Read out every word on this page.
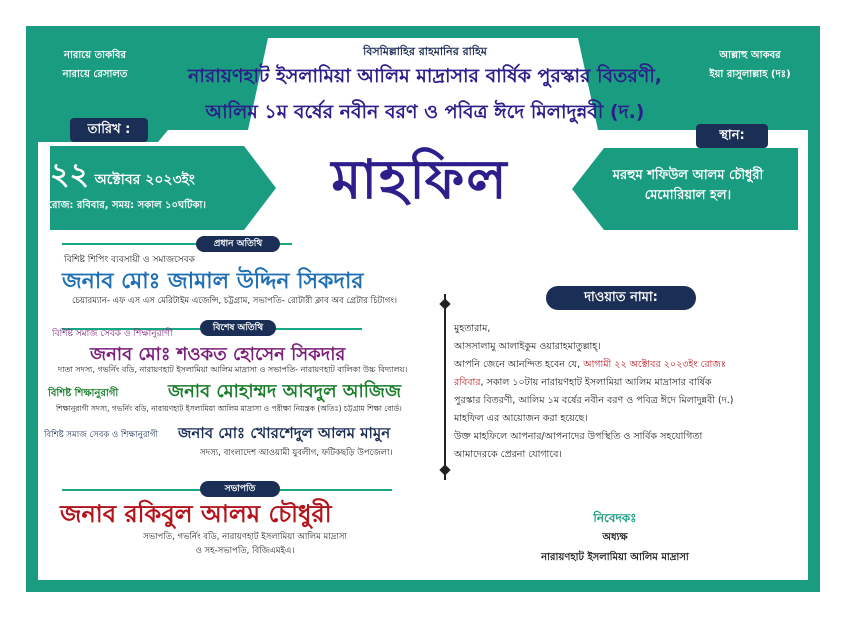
নারায়ে তাকবির
নারায়ে রেসালত
আল্লাহু আকবর
ইয়া রাসুলাল্লাহ (দঃ)
বিসমিল্লাহির রাহমানির রাহিম
নারায়ণহাট ইসলামিয়া আলিম মাদ্রাসার বার্ষিক পুরস্কার বিতরণী,
আলিম ১ম বর্ষের নবীন বরণ ও পবিত্র ঈদে মিলাদুন্নবী (দ.)
তারিখ :
২২ অক্টোবর ২০২৩ইং
রোজ: রবিবার, সময়: সকাল ১০ঘটিকা।
স্থান:
মরহুম শফিউল আলম চৌধুরী
মেমোরিয়াল হল।
মাহফিল
প্রধান অতিথি
বিশিষ্ট শিপিং ব্যবসায়ী ও সমাজসেবক
জনাব মোঃ জামাল উদ্দিন সিকদার
চেয়ারম্যান- এফ এস এস মেরিটাইম এজেন্সি, চট্টগ্রাম, সভাপতি- রোটারী ক্লাব অব গ্রেটার চিটাগং।
বিশেষ অতিথি
বিশিষ্ট সমাজ সেবক ও শিক্ষানুরাগী
জনাব মোঃ শওকত হোসেন সিকদার
দাতা সদস্য, গভর্নিং বডি, নারায়ণহাট ইসলামিয়া আলিম মাদ্রাসা ও সভাপতি- নারায়ণহাট বালিকা উচ্চ বিদ্যালয়।
বিশিষ্ট শিক্ষানুরাগী	জনাব মোহাম্মদ আবদুল আজিজ
শিক্ষানুরাগী সদস্য, গভর্নিং বডি, নারায়ণহাট ইসলামিয়া আলিম মাদ্রাসা ও পরীক্ষা নিয়ন্ত্রক (অতিঃ) চট্টগ্রাম শিক্ষা বোর্ড।
বিশিষ্ট সমাজ সেবক ও শিক্ষানুরাগী জনাব মোঃ খোরশেদুল আলম মামুন
সদস্য, বাংলাদেশ আওয়ামী যুবলীগ, ফটিকছড়ি উপজেলা।
সভাপতি
জনাব রকিবুল আলম চৌধুরী
সভাপতি, গভর্নিং বডি, নারায়ণহাট ইসলামিয়া আলিম মাদ্রাসা
ও সহ-সভাপতি, বিজিএমইএ।
দাওয়াত নামা:
মুহতারাম,
আসসালামু আলাইকুম ওয়ারাহমাতুল্লাহ্।
আপনি জেনে আনন্দিত হবেন যে, আগামী ২২ অক্টোবর ২০২৩ইং রোজঃ
রবিবার, সকাল ১০টায় নারায়ণহাট ইসলামিয়া আলিম মাদ্রাসার বার্ষিক
পুরস্কার বিতরণী, আলিম ১ম বর্ষের নবীন বরণ ও পবিত্র ঈদে মিলাদুন্নবী (দ.)
মাহফিল এর আয়োজন করা হয়েছে।
উক্ত মাহফিলে আপনার/আপনাদের উপস্থিতি ও সার্বিক সহযোগিতা
আমাদেরকে প্রেরনা যোগাবে।
নিবেদকঃ
অধ্যক্ষ
নারায়ণহাট ইসলামিয়া আলিম মাদ্রাসা
